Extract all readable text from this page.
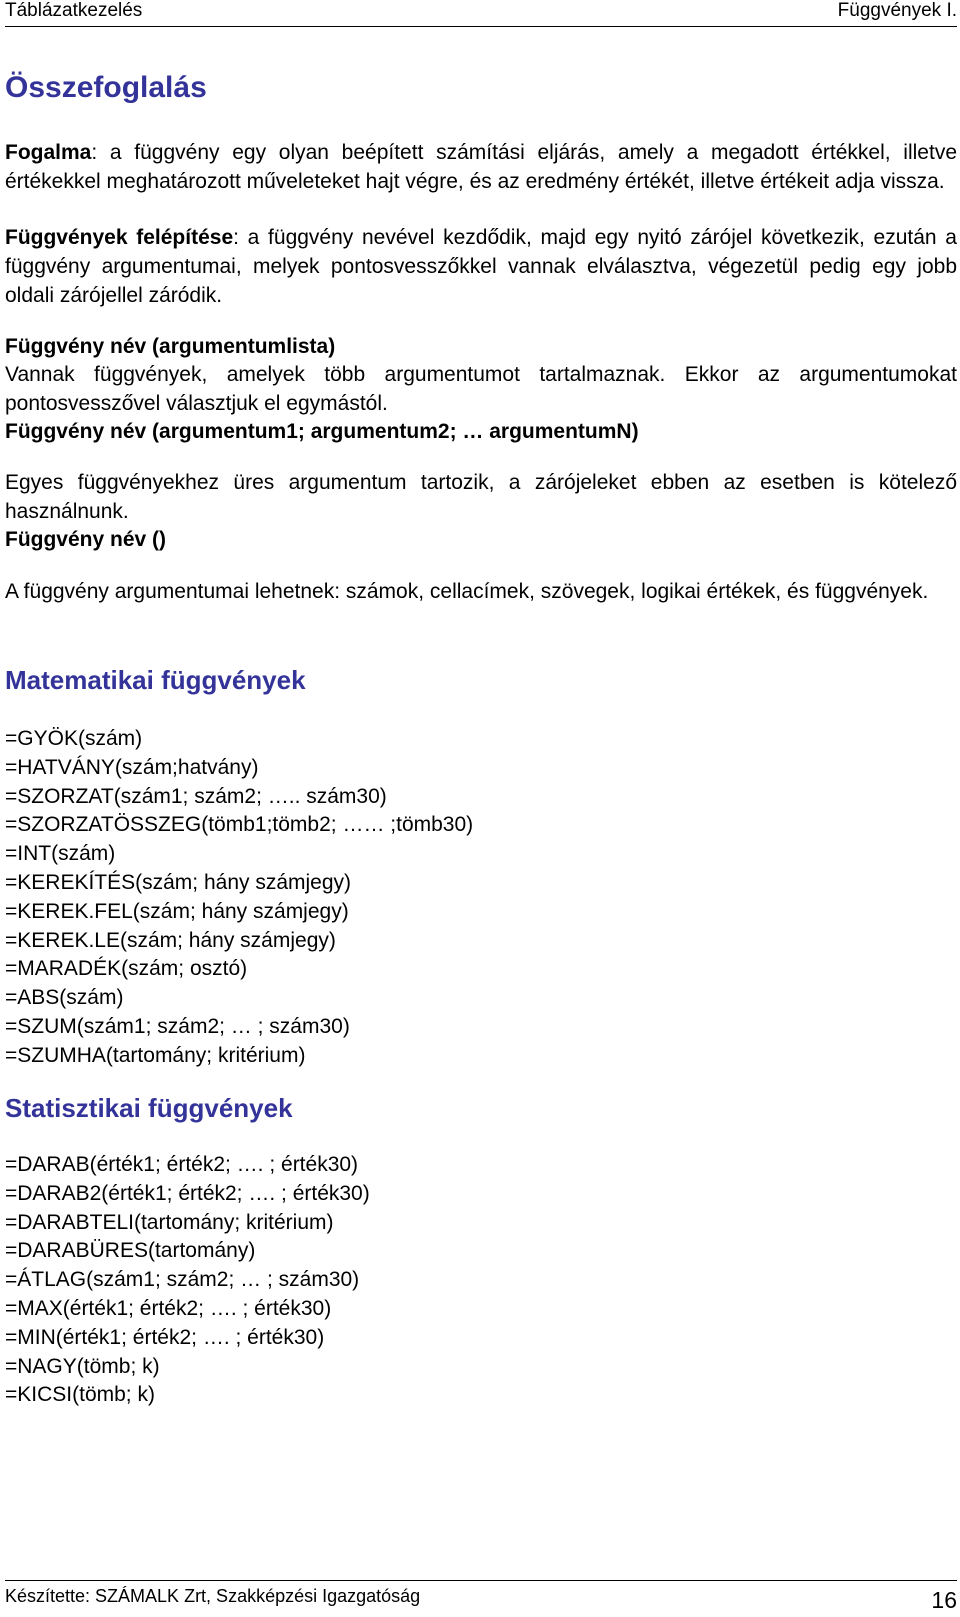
Táblázatkezelés	Függvények I.
Összefoglalás
Fogalma: a függvény egy olyan beépített számítási eljárás, amely a megadott értékkel, illetve értékekkel meghatározott műveleteket hajt végre, és az eredmény értékét, illetve értékeit adja vissza.
Függvények felépítése: a függvény nevével kezdődik, majd egy nyitó zárójel következik, ezután a függvény argumentumai, melyek pontosvesszőkkel vannak elválasztva, végezetül pedig egy jobb oldali zárójellel záródik.
Függvény név (argumentumlista)
Vannak függvények, amelyek több argumentumot tartalmaznak. Ekkor az argumentumokat pontosvesszővel választjuk el egymástól.
Függvény név (argumentum1; argumentum2; … argumentumN)
Egyes függvényekhez üres argumentum tartozik, a zárójeleket ebben az esetben is kötelező használnunk.
Függvény név ()
A függvény argumentumai lehetnek: számok, cellacímek, szövegek, logikai értékek, és függvények.
Matematikai függvények
=GYÖK(szám)
=HATVÁNY(szám;hatvány)
=SZORZAT(szám1; szám2; ….. szám30)
=SZORZATÖSSZEG(tömb1;tömb2; …… ;tömb30)
=INT(szám)
=KEREKÍTÉS(szám; hány számjegy)
=KEREK.FEL(szám; hány számjegy)
=KEREK.LE(szám; hány számjegy)
=MARADÉK(szám; osztó)
=ABS(szám)
=SZUM(szám1; szám2; … ; szám30)
=SZUMHA(tartomány; kritérium)
Statisztikai függvények
=DARAB(érték1; érték2; …. ; érték30)
=DARAB2(érték1; érték2; …. ; érték30)
=DARABTELI(tartomány; kritérium)
=DARABÜRES(tartomány)
=ÁTLAG(szám1; szám2; … ; szám30)
=MAX(érték1; érték2; …. ; érték30)
=MIN(érték1; érték2; …. ; érték30)
=NAGY(tömb; k)
=KICSI(tömb; k)
Készítette: SZÁMALK Zrt, Szakképzési Igazgatóság	16
